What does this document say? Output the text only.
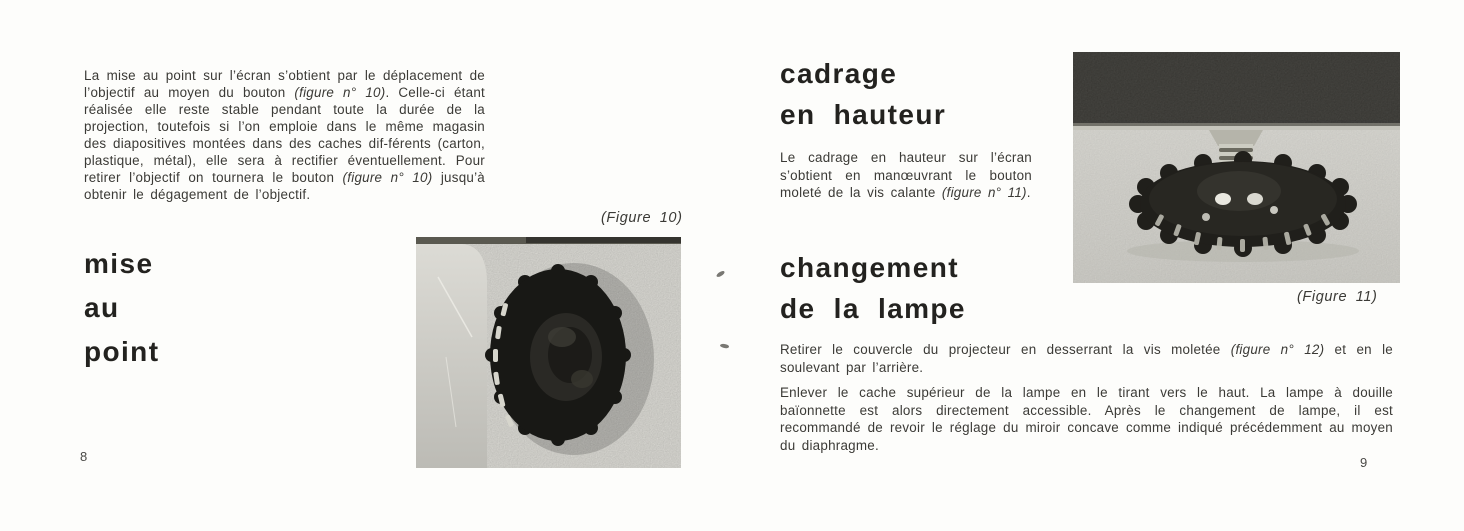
La mise au point sur l’écran s’obtient par le déplacement de l’objectif au moyen du bouton (figure n° 10). Celle-ci étant réalisée elle reste stable pendant toute la durée de la projection, toutefois si l’on emploie dans le même magasin des diapositives montées dans des caches dif-férents (carton, plastique, métal), elle sera à rectifier éventuellement. Pour retirer l’objectif on tournera le bouton (figure n° 10) jusqu’à obtenir le dégagement de l’objectif.
mise
au
point
(Figure 10)
8
cadrage
en hauteur
Le cadrage en hauteur sur l’écran s’obtient en manœuvrant le bouton moleté de la vis calante (figure n° 11).
changement
de la lampe
Retirer le couvercle du projecteur en desserrant la vis moletée (figure n° 12) et en le soulevant par l’arrière.
Enlever le cache supérieur de la lampe en le tirant vers le haut. La lampe à douille baïonnette est alors directement accessible. Après le changement de lampe, il est recommandé de revoir le réglage du miroir concave comme indiqué précédemment au moyen du diaphragme.
(Figure 11)
9
